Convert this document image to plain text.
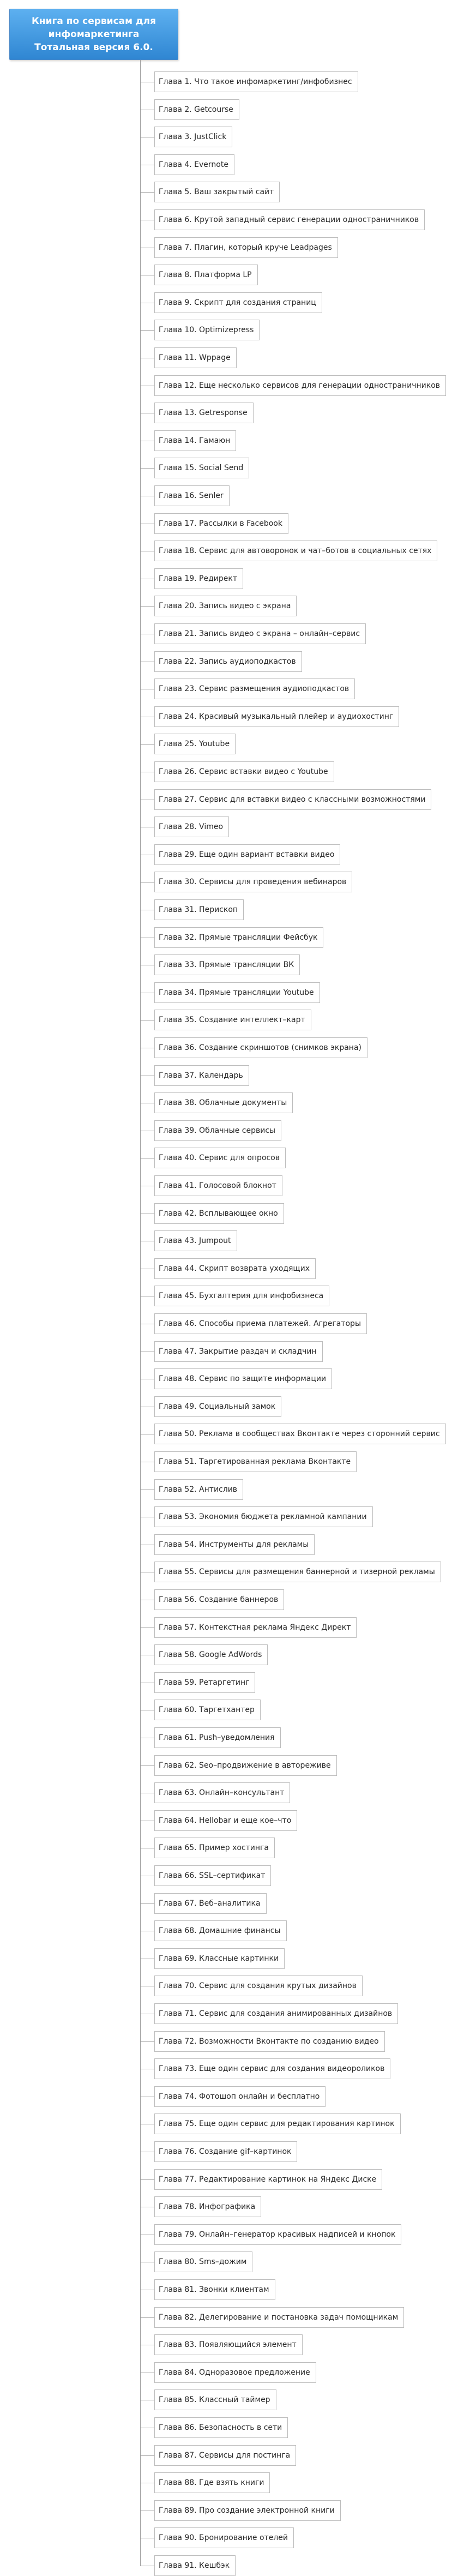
Книга по сервисам для инфомаркетинга
Тотальная версия 6.0.
Глава 1. Что такое инфомаркетинг/инфобизнес
Глава 2. Getcourse
Глава 3. JustClick
Глава 4. Evernote
Глава 5. Ваш закрытый сайт
Глава 6. Крутой западный сервис генерации одностраничников
Глава 7. Плагин, который круче Leadpages
Глава 8. Платформа LP
Глава 9. Скрипт для создания страниц
Глава 10. Optimizepress
Глава 11. Wppage
Глава 12. Еще несколько сервисов для генерации одностраничников
Глава 13. Getresponse
Глава 14. Гамаюн
Глава 15. Social Send
Глава 16. Senler
Глава 17. Рассылки в Facebook
Глава 18. Сервис для автоворонок и чат–ботов в социальных сетях
Глава 19. Редирект
Глава 20. Запись видео с экрана
Глава 21. Запись видео с экрана – онлайн–сервис
Глава 22. Запись аудиоподкастов
Глава 23. Сервис размещения аудиоподкастов
Глава 24. Красивый музыкальный плейер и аудиохостинг
Глава 25. Youtube
Глава 26. Сервис вставки видео с Youtube
Глава 27. Сервис для вставки видео с классными возможностями
Глава 28. Vimeo
Глава 29. Еще один вариант вставки видео
Глава 30. Сервисы для проведения вебинаров
Глава 31. Перископ
Глава 32. Прямые трансляции Фейсбук
Глава 33. Прямые трансляции ВК
Глава 34. Прямые трансляции Youtube
Глава 35. Создание интеллект–карт
Глава 36. Создание скриншотов (снимков экрана)
Глава 37. Календарь
Глава 38. Облачные документы
Глава 39. Облачные сервисы
Глава 40. Сервис для опросов
Глава 41. Голосовой блокнот
Глава 42. Всплывающее окно
Глава 43. Jumpout
Глава 44. Скрипт возврата уходящих
Глава 45. Бухгалтерия для инфобизнеса
Глава 46. Способы приема платежей. Агрегаторы
Глава 47. Закрытие раздач и складчин
Глава 48. Сервис по защите информации
Глава 49. Социальный замок
Глава 50. Реклама в сообществах Вконтакте через сторонний сервис
Глава 51. Таргетированная реклама Вконтакте
Глава 52. Антислив
Глава 53. Экономия бюджета рекламной кампании
Глава 54. Инструменты для рекламы
Глава 55. Сервисы для размещения баннерной и тизерной рекламы
Глава 56. Создание баннеров
Глава 57. Контекстная реклама Яндекс Директ
Глава 58. Google AdWords
Глава 59. Ретаргетинг
Глава 60. Таргетхантер
Глава 61. Push–уведомления
Глава 62. Seo–продвижение в автореживе
Глава 63. Онлайн–консультант
Глава 64. Hellobar и еще кое–что
Глава 65. Пример хостинга
Глава 66. SSL–сертификат
Глава 67. Веб–аналитика
Глава 68. Домашние финансы
Глава 69. Классные картинки
Глава 70. Сервис для создания крутых дизайнов
Глава 71. Сервис для создания анимированных дизайнов
Глава 72. Возможности Вконтакте по созданию видео
Глава 73. Еще один сервис для создания видеороликов
Глава 74. Фотошоп онлайн и бесплатно
Глава 75. Еще один сервис для редактирования картинок
Глава 76. Создание gif–картинок
Глава 77. Редактирование картинок на Яндекс Диске
Глава 78. Инфографика
Глава 79. Онлайн–генератор красивых надписей и кнопок
Глава 80. Sms–дожим
Глава 81. Звонки клиентам
Глава 82. Делегирование и постановка задач помощникам
Глава 83. Появляющийся элемент
Глава 84. Одноразовое предложение
Глава 85. Классный таймер
Глава 86. Безопасность в сети
Глава 87. Сервисы для постинга
Глава 88. Где взять книги
Глава 89. Про создание электронной книги
Глава 90. Бронирование отелей
Глава 91. Кешбэк
